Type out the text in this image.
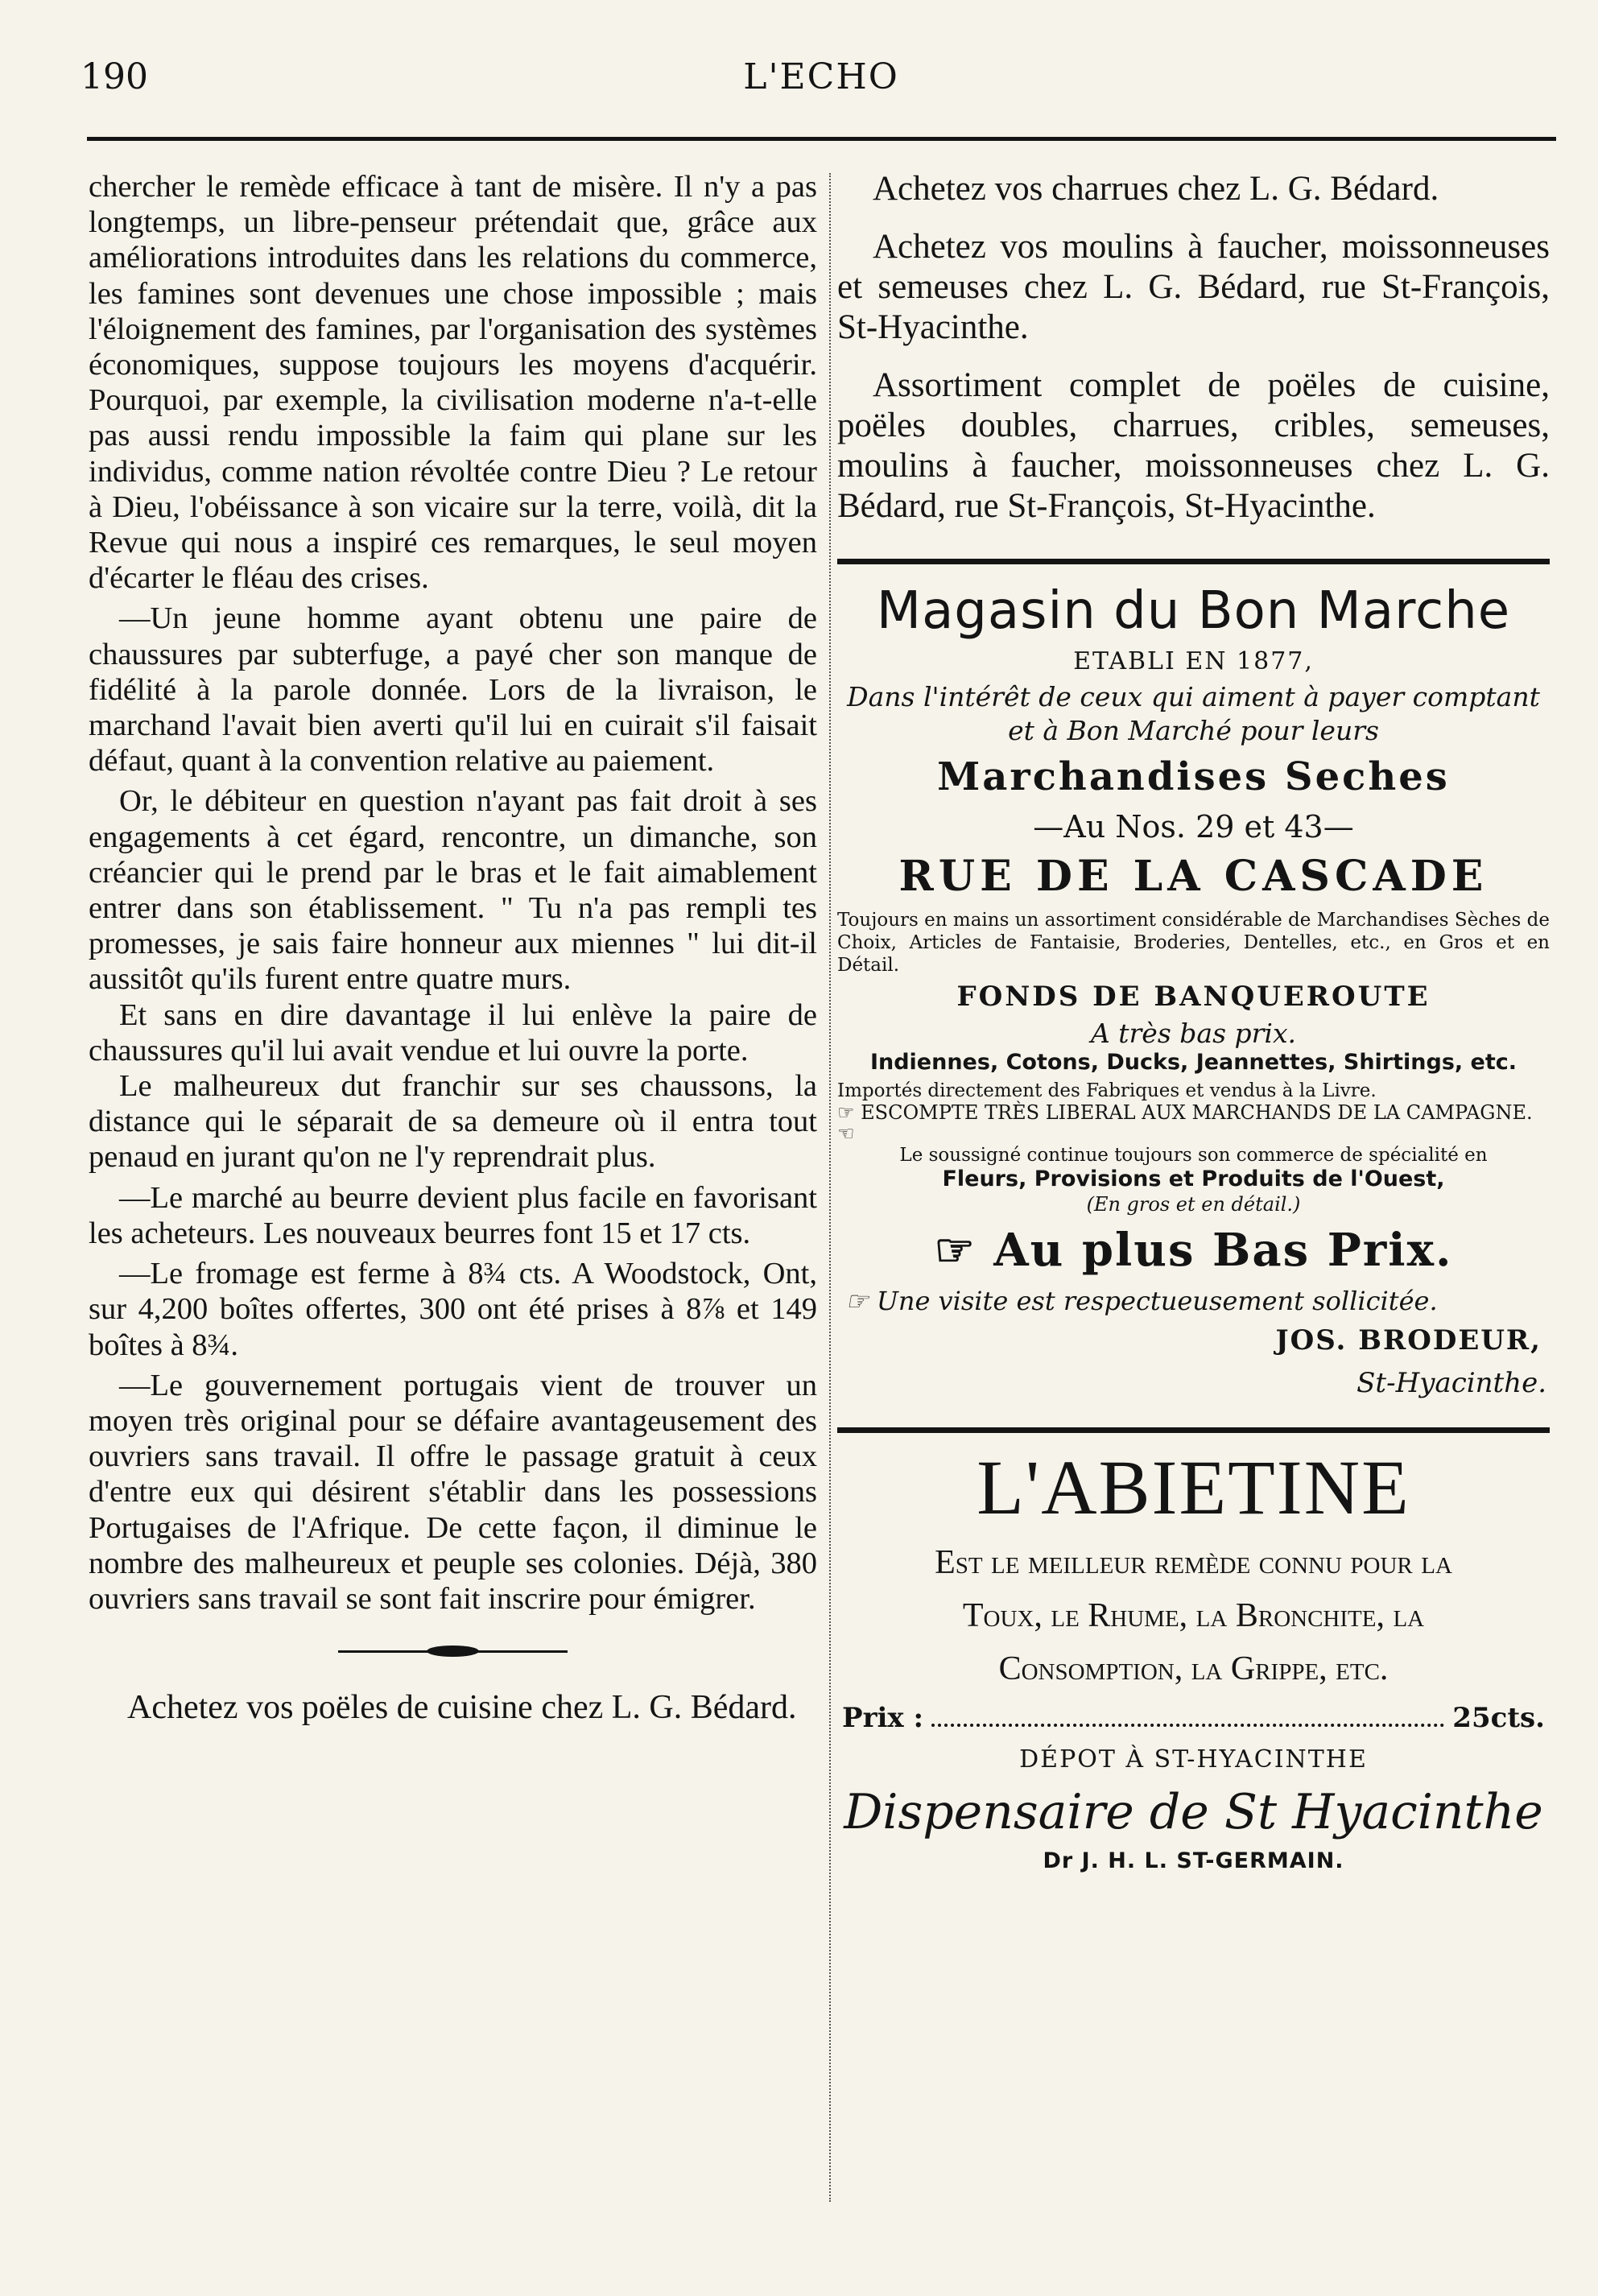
190	L'ECHO

chercher le remède efficace à tant de misère. Il n'y a pas longtemps, un libre-penseur prétendait que, grâce aux améliorations introduites dans les relations du commerce, les famines sont devenues une chose impossible ; mais l'éloignement des famines, par l'organisation des systèmes économiques, suppose toujours les moyens d'acquérir. Pourquoi, par exemple, la civilisation moderne n'a-t-elle pas aussi rendu impossible la faim qui plane sur les individus, comme nation révoltée contre Dieu ? Le retour à Dieu, l'obéissance à son vicaire sur la terre, voilà, dit la Revue qui nous a inspiré ces remarques, le seul moyen d'écarter le fléau des crises.

—Un jeune homme ayant obtenu une paire de chaussures par subterfuge, a payé cher son manque de fidélité à la parole donnée. Lors de la livraison, le marchand l'avait bien averti qu'il lui en cuirait s'il faisait défaut, quant à la convention relative au paiement.

Or, le débiteur en question n'ayant pas fait droit à ses engagements à cet égard, rencontre, un dimanche, son créancier qui le prend par le bras et le fait aimablement entrer dans son établissement. " Tu n'a pas rempli tes promesses, je sais faire honneur aux miennes " lui dit-il aussitôt qu'ils furent entre quatre murs.

Et sans en dire davantage il lui enlève la paire de chaussures qu'il lui avait vendue et lui ouvre la porte.

Le malheureux dut franchir sur ses chaussons, la distance qui le séparait de sa demeure où il entra tout penaud en jurant qu'on ne l'y reprendrait plus.

—Le marché au beurre devient plus facile en favorisant les acheteurs. Les nouveaux beurres font 15 et 17 cts.

—Le fromage est ferme à 8¾ cts. A Woodstock, Ont, sur 4,200 boîtes offertes, 300 ont été prises à 8⅞ et 149 boîtes à 8¾.

—Le gouvernement portugais vient de trouver un moyen très original pour se défaire avantageusement des ouvriers sans travail. Il offre le passage gratuit à ceux d'entre eux qui désirent s'établir dans les possessions Portugaises de l'Afrique. De cette façon, il diminue le nombre des malheureux et peuple ses colonies. Déjà, 380 ouvriers sans travail se sont fait inscrire pour émigrer.

Achetez vos poëles de cuisine chez L. G. Bédard.

Achetez vos charrues chez L. G. Bédard.

Achetez vos moulins à faucher, moissonneuses et semeuses chez L. G. Bédard, rue St-François, St-Hyacinthe.

Assortiment complet de poëles de cuisine, poëles doubles, charrues, cribles, semeuses, moulins à faucher, moissonneuses chez L. G. Bédard, rue St-François, St-Hyacinthe.

Magasin du Bon Marche
ETABLI EN 1877,
Dans l'intérêt de ceux qui aiment à payer comptant et à Bon Marché pour leurs
Marchandises Seches
—Au Nos. 29 et 43—
RUE DE LA CASCADE
Toujours en mains un assortiment considérable de Marchandises Sèches de Choix, Articles de Fantaisie, Broderies, Dentelles, etc., en Gros et en Détail.
FONDS DE BANQUEROUTE
A très bas prix.
Indiennes, Cotons, Ducks, Jeannettes, Shirtings, etc.
Importés directement des Fabriques et vendus à la Livre.
☞ ESCOMPTE TRÈS LIBERAL AUX MARCHANDS DE LA CAMPAGNE. ☜
Le soussigné continue toujours son commerce de spécialité en
Fleurs, Provisions et Produits de l'Ouest,
(En gros et en détail.)
☞ Au plus Bas Prix.
☞ Une visite est respectueusement sollicitée.
JOS. BRODEUR,
St-Hyacinthe.
L'ABIETINE
Est le meilleur remède connu pour la
Toux, le Rhume, la Bronchite, la
Consomption, la Grippe, etc.
Prix :	25cts.
DÉPOT À ST-HYACINTHE
Dispensaire de St Hyacinthe
Dr J. H. L. ST-GERMAIN.
